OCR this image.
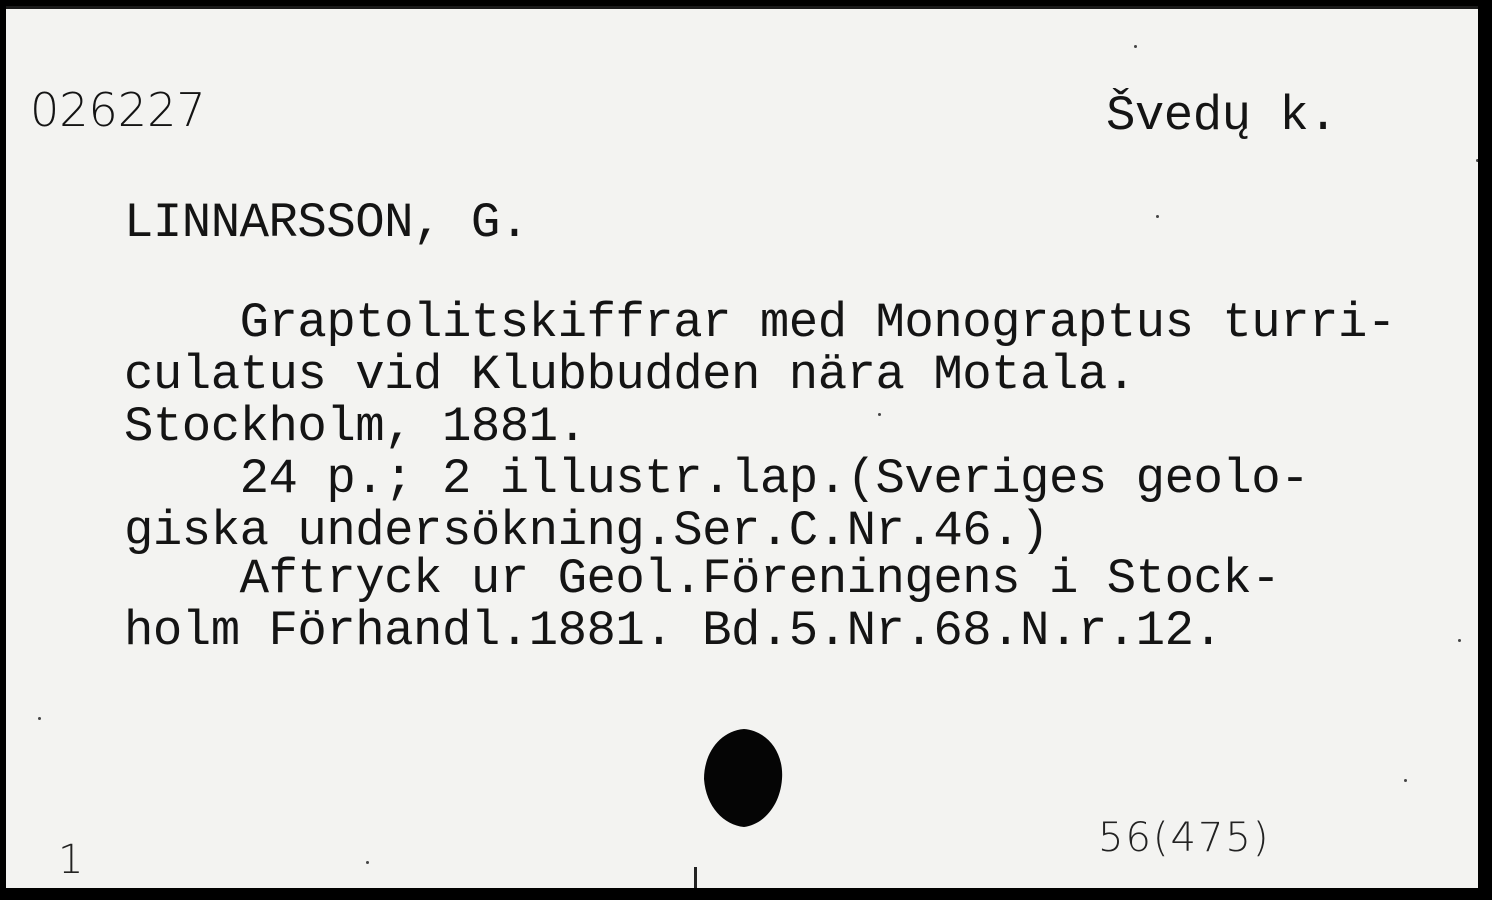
026227	Švedų k.
LINNARSSON, G.
Graptolitskiffrar med Monograptus turri-
culatus vid Klubbudden nära Motala.
Stockholm, 1881.
24 p.; 2 illustr.lap.(Sveriges geolo-
giska undersökning.Ser.C.Nr.46.)
Aftryck ur Geol.Föreningens i Stock-
holm Förhandl.1881. Bd.5.Nr.68.N.r.12.
1	56(475)
